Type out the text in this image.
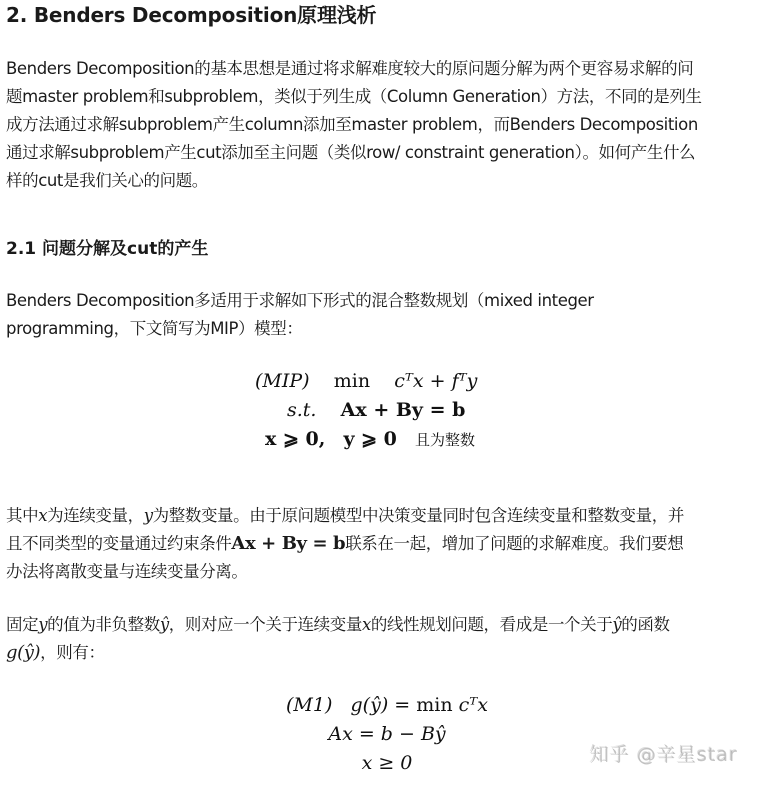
2. Benders Decomposition原理浅析
Benders Decomposition的基本思想是通过将求解难度较大的原问题分解为两个更容易求解的问
题master problem和subproblem，类似于列生成（Column Generation）方法，不同的是列生
成方法通过求解subproblem产生column添加至master problem，而Benders Decomposition
通过求解subproblem产生cut添加至主问题（类似row/ constraint generation）。如何产生什么
样的cut是我们关心的问题。
2.1 问题分解及cut的产生
Benders Decomposition多适用于求解如下形式的混合整数规划（mixed integer
programming，下文简写为MIP）模型：
(MIP) min cᵀx + fᵀy
s.t. Ax + By = b
x ⩾ 0, y ⩾ 0 且为整数
其中x为连续变量，y为整数变量。由于原问题模型中决策变量同时包含连续变量和整数变量，并
且不同类型的变量通过约束条件Ax + By = b联系在一起，增加了问题的求解难度。我们要想
办法将离散变量与连续变量分离。
固定y的值为非负整数ŷ，则对应一个关于连续变量x的线性规划问题，看成是一个关于ŷ的函数
g(ŷ)，则有：
(M1) g(ŷ) = min cᵀx
Ax = b − Bŷ
x ≥ 0	知乎 @辛星star
